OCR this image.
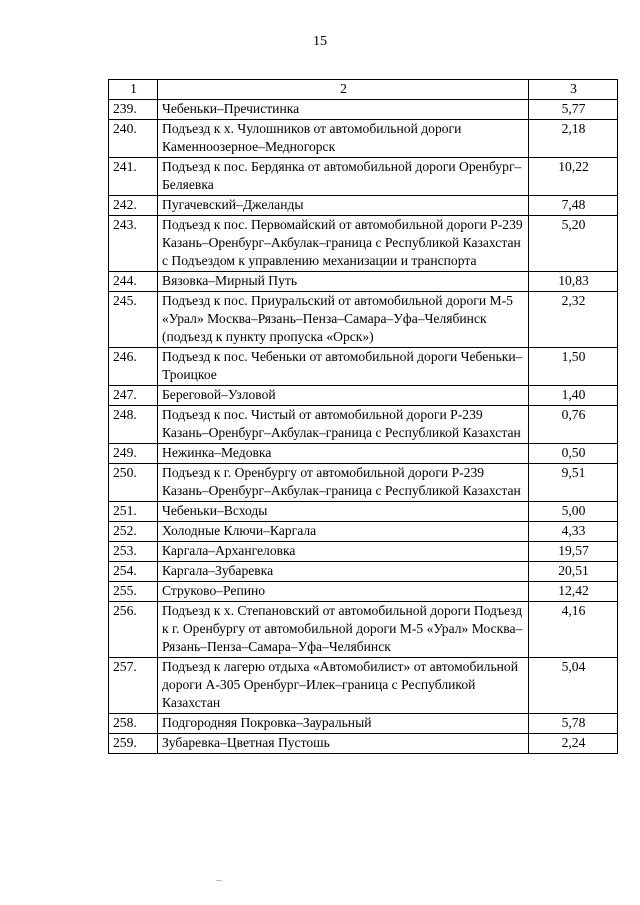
15
1	2	3
239.	Чебеньки–Пречистинка	5,77
240.	Подъезд к х. Чулошников от автомобильной дороги Каменноозерное–Медногорск	2,18
241.	Подъезд к пос. Бердянка от автомобильной дороги Оренбург–Беляевка	10,22
242.	Пугачевский–Джеланды	7,48
243.	Подъезд к пос. Первомайский от автомобильной дороги Р-239 Казань–Оренбург–Акбулак–граница с Республикой Казахстан с Подъездом к управлению механизации и транспорта	5,20
244.	Вязовка–Мирный Путь	10,83
245.	Подъезд к пос. Приуральский от автомобильной дороги М-5 «Урал» Москва–Рязань–Пенза–Самара–Уфа–Челябинск (подъезд к пункту пропуска «Орск»)	2,32
246.	Подъезд к пос. Чебеньки от автомобильной дороги Чебеньки–Троицкое	1,50
247.	Береговой–Узловой	1,40
248.	Подъезд к пос. Чистый от автомобильной дороги Р-239 Казань–Оренбург–Акбулак–граница с Республикой Казахстан	0,76
249.	Нежинка–Медовка	0,50
250.	Подъезд к г. Оренбургу от автомобильной дороги Р-239 Казань–Оренбург–Акбулак–граница с Республикой Казахстан	9,51
251.	Чебеньки–Всходы	5,00
252.	Холодные Ключи–Каргала	4,33
253.	Каргала–Архангеловка	19,57
254.	Каргала–Зубаревка	20,51
255.	Струково–Репино	12,42
256.	Подъезд к х. Степановский от автомобильной дороги Подъезд к г. Оренбургу от автомобильной дороги М-5 «Урал» Москва–Рязань–Пенза–Самара–Уфа–Челябинск	4,16
257.	Подъезд к лагерю отдыха «Автомобилист» от автомобильной дороги А-305 Оренбург–Илек–граница с Республикой Казахстан	5,04
258.	Подгородняя Покровка–Зауральный	5,78
259.	Зубаревка–Цветная Пустошь	2,24
